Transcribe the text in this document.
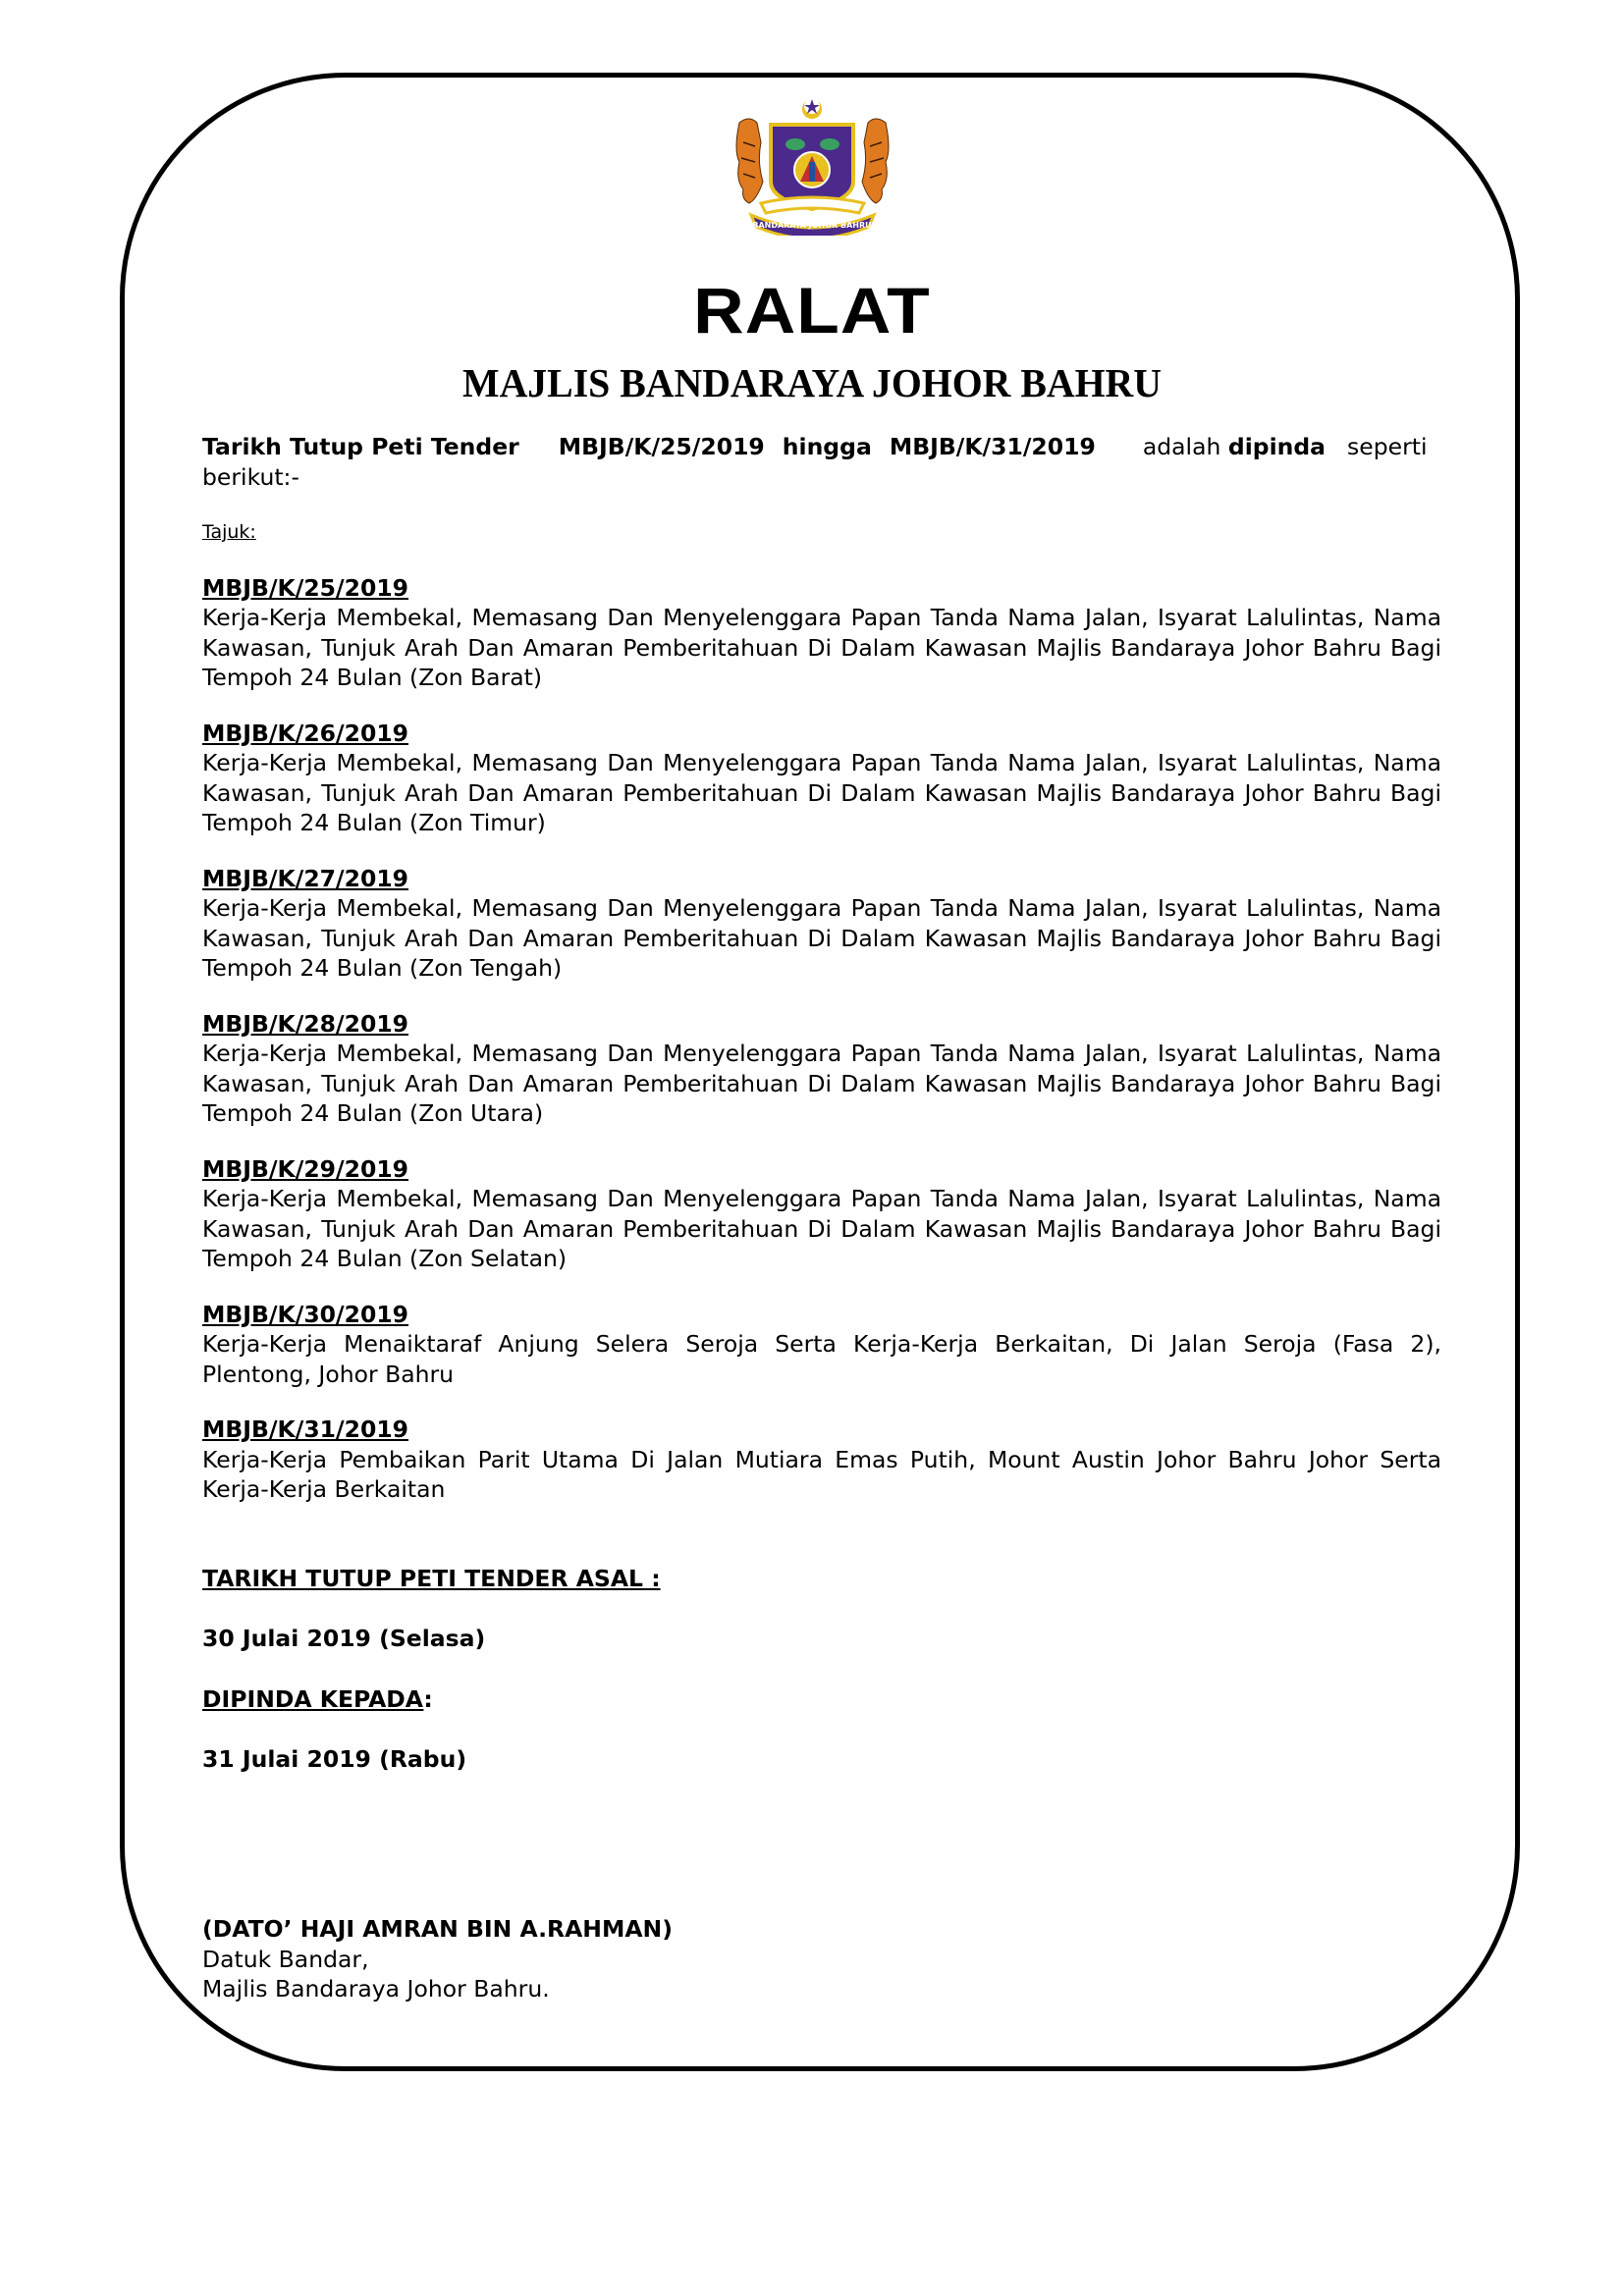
BANDARAYA JOHOR BAHRU
RALAT
MAJLIS BANDARAYA JOHOR BAHRU
Tarikh Tutup Peti Tender MBJB/K/25/2019 hingga MBJB/K/31/2019 adalah dipinda seperti
berikut:-
Tajuk:
MBJB/K/25/2019
Kerja-Kerja Membekal, Memasang Dan Menyelenggara Papan Tanda Nama Jalan, Isyarat Lalulintas, Nama Kawasan, Tunjuk Arah Dan Amaran Pemberitahuan Di Dalam Kawasan Majlis Bandaraya Johor Bahru Bagi Tempoh 24 Bulan (Zon Barat)
MBJB/K/26/2019
Kerja-Kerja Membekal, Memasang Dan Menyelenggara Papan Tanda Nama Jalan, Isyarat Lalulintas, Nama Kawasan, Tunjuk Arah Dan Amaran Pemberitahuan Di Dalam Kawasan Majlis Bandaraya Johor Bahru Bagi Tempoh 24 Bulan (Zon Timur)
MBJB/K/27/2019
Kerja-Kerja Membekal, Memasang Dan Menyelenggara Papan Tanda Nama Jalan, Isyarat Lalulintas, Nama Kawasan, Tunjuk Arah Dan Amaran Pemberitahuan Di Dalam Kawasan Majlis Bandaraya Johor Bahru Bagi Tempoh 24 Bulan (Zon Tengah)
MBJB/K/28/2019
Kerja-Kerja Membekal, Memasang Dan Menyelenggara Papan Tanda Nama Jalan, Isyarat Lalulintas, Nama Kawasan, Tunjuk Arah Dan Amaran Pemberitahuan Di Dalam Kawasan Majlis Bandaraya Johor Bahru Bagi Tempoh 24 Bulan (Zon Utara)
MBJB/K/29/2019
Kerja-Kerja Membekal, Memasang Dan Menyelenggara Papan Tanda Nama Jalan, Isyarat Lalulintas, Nama Kawasan, Tunjuk Arah Dan Amaran Pemberitahuan Di Dalam Kawasan Majlis Bandaraya Johor Bahru Bagi Tempoh 24 Bulan (Zon Selatan)
MBJB/K/30/2019
Kerja-Kerja Menaiktaraf Anjung Selera Seroja Serta Kerja-Kerja Berkaitan, Di Jalan Seroja (Fasa 2), Plentong, Johor Bahru
MBJB/K/31/2019
Kerja-Kerja Pembaikan Parit Utama Di Jalan Mutiara Emas Putih, Mount Austin Johor Bahru Johor Serta Kerja-Kerja Berkaitan
TARIKH TUTUP PETI TENDER ASAL :
30 Julai 2019 (Selasa)
DIPINDA KEPADA:
31 Julai 2019 (Rabu)
(DATO’ HAJI AMRAN BIN A.RAHMAN)
Datuk Bandar,
Majlis Bandaraya Johor Bahru.
